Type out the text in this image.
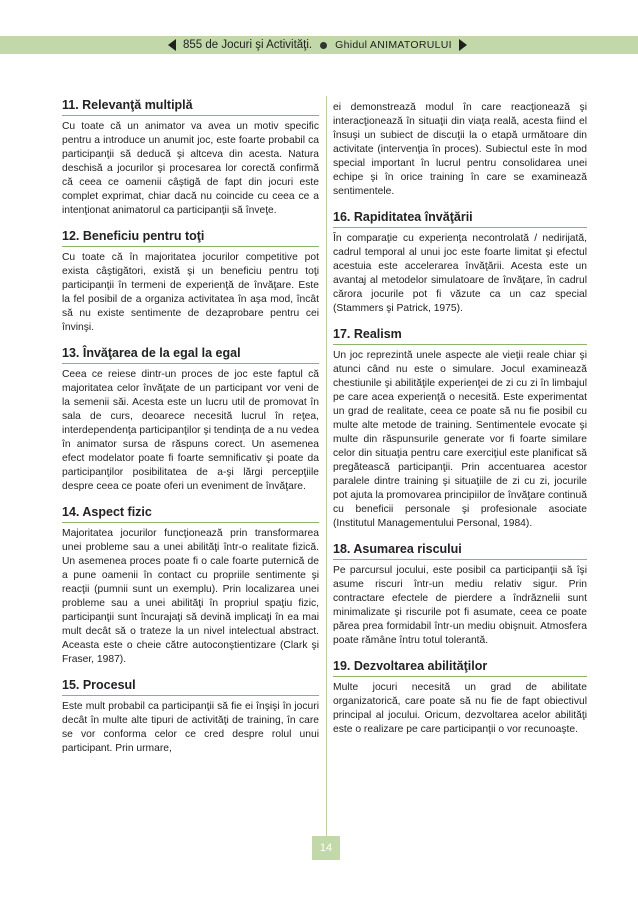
855 de Jocuri şi Activităţi. Ghidul ANIMATORULUI
11. Relevanţă multiplă

Cu toate că un animator va avea un motiv specific pentru a introduce un anumit joc, este foarte probabil ca participanţii să deducă şi altceva din acesta. Natura deschisă a jocurilor şi procesarea lor corectă confirmă că ceea ce oamenii câştigă de fapt din jocuri este complet exprimat, chiar dacă nu coincide cu ceea ce a intenţionat animatorul ca participanţii să înveţe.

12. Beneficiu pentru toţi

Cu toate că în majoritatea jocurilor competitive pot exista câştigători, există şi un beneficiu pentru toţi participanţii în termeni de experienţă de învăţare. Este la fel posibil de a organiza activitatea în aşa mod, încât să nu existe sentimente de dezaprobare pentru cei învinşi.

13. Învăţarea de la egal la egal

Ceea ce reiese dintr-un proces de joc este faptul că majoritatea celor învăţate de un participant vor veni de la semenii săi. Acesta este un lucru util de promovat în sala de curs, deoarece necesită lucrul în reţea, interdependenţa participanţilor şi tendinţa de a nu vedea în animator sursa de răspuns corect. Un asemenea efect modelator poate fi foarte semnificativ şi poate da participanţilor posibilitatea de a-şi lărgi percepţiile despre ceea ce poate oferi un eveniment de învăţare.

14. Aspect fizic

Majoritatea jocurilor funcţionează prin transformarea unei probleme sau a unei abilităţi într-o realitate fizică. Un asemenea proces poate fi o cale foarte puternică de a pune oamenii în contact cu propriile sentimente şi reacţii (pumnii sunt un exemplu). Prin localizarea unei probleme sau a unei abilităţi în propriul spaţiu fizic, participanţii sunt încurajaţi să devină implicaţi în ea mai mult decât să o trateze la un nivel intelectual abstract. Aceasta este o cheie către autoconştientizare (Clark şi Fraser, 1987).

15. Procesul

Este mult probabil ca participanţii să fie ei înşişi în jocuri decât în multe alte tipuri de activităţi de training, în care se vor conforma celor ce cred despre rolul unui participant. Prin urmare,

ei demonstrează modul în care reacţionează şi interacţionează în situaţii din viaţa reală, acesta fiind el însuşi un subiect de discuţii la o etapă următoare din activitate (intervenţia în proces). Subiectul este în mod special important în lucrul pentru consolidarea unei echipe şi în orice training în care se examinează sentimentele.

16. Rapiditatea învăţării

În comparaţie cu experienţa necontrolată / nedirijată, cadrul temporal al unui joc este foarte limitat şi efectul acestuia este accelerarea învăţării. Acesta este un avantaj al metodelor simulatoare de învăţare, în cadrul cărora jocurile pot fi văzute ca un caz special (Stammers şi Patrick, 1975).

17. Realism

Un joc reprezintă unele aspecte ale vieţii reale chiar şi atunci când nu este o simulare. Jocul examinează chestiunile şi abilităţile experienţei de zi cu zi în limbajul pe care acea experienţă o necesită. Este experimentat un grad de realitate, ceea ce poate să nu fie posibil cu multe alte metode de training. Sentimentele evocate şi multe din răspunsurile generate vor fi foarte similare celor din situaţia pentru care exerciţiul este planificat să pregătească participanţii. Prin accentuarea acestor paralele dintre training şi situaţiile de zi cu zi, jocurile pot ajuta la promovarea principiilor de învăţare continuă cu beneficii personale şi profesionale asociate (Institutul Managementului Personal, 1984).

18. Asumarea riscului

Pe parcursul jocului, este posibil ca participanţii să îşi asume riscuri într-un mediu relativ sigur. Prin contractare efectele de pierdere a îndrăznelii sunt minimalizate şi riscurile pot fi asumate, ceea ce poate părea prea formidabil într-un mediu obişnuit. Atmosfera poate rămâne întru totul tolerantă.

19. Dezvoltarea abilităţilor

Multe jocuri necesită un grad de abilitate organizatorică, care poate să nu fie de fapt obiectivul principal al jocului. Oricum, dezvoltarea acelor abilităţi este o realizare pe care participanţii o vor recunoaşte.

14
